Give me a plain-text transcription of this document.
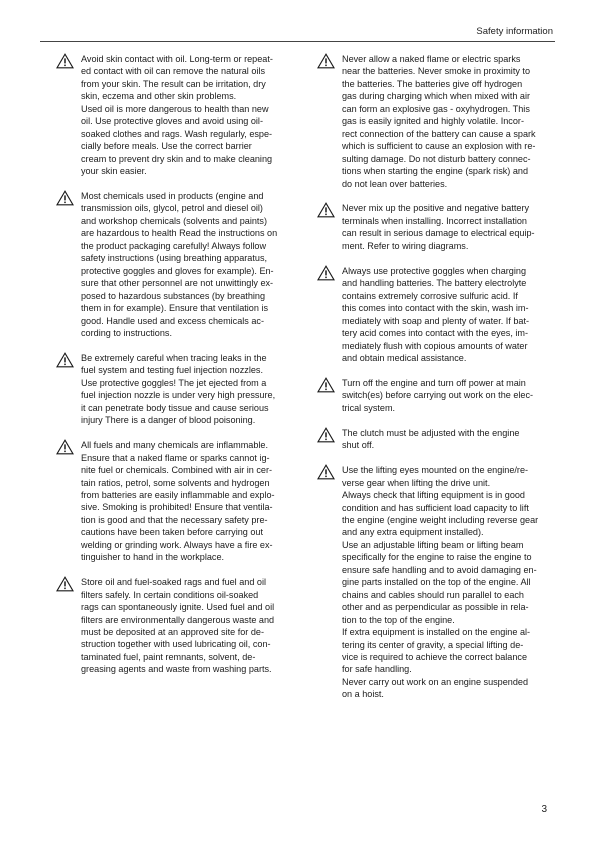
Safety information
Avoid skin contact with oil. Long-term or repeat-
ed contact with oil can remove the natural oils
from your skin. The result can be irritation, dry
skin, eczema and other skin problems.
Used oil is more dangerous to health than new
oil. Use protective gloves and avoid using oil-
soaked clothes and rags. Wash regularly, espe-
cially before meals. Use the correct barrier
cream to prevent dry skin and to make cleaning
your skin easier.
Most chemicals used in products (engine and
transmission oils, glycol, petrol and diesel oil)
and workshop chemicals (solvents and paints)
are hazardous to health Read the instructions on
the product packaging carefully! Always follow
safety instructions (using breathing apparatus,
protective goggles and gloves for example). En-
sure that other personnel are not unwittingly ex-
posed to hazardous substances (by breathing
them in for example). Ensure that ventilation is
good. Handle used and excess chemicals ac-
cording to instructions.
Be extremely careful when tracing leaks in the
fuel system and testing fuel injection nozzles.
Use protective goggles! The jet ejected from a
fuel injection nozzle is under very high pressure,
it can penetrate body tissue and cause serious
injury There is a danger of blood poisoning.
All fuels and many chemicals are inflammable.
Ensure that a naked flame or sparks cannot ig-
nite fuel or chemicals. Combined with air in cer-
tain ratios, petrol, some solvents and hydrogen
from batteries are easily inflammable and explo-
sive. Smoking is prohibited! Ensure that ventila-
tion is good and that the necessary safety pre-
cautions have been taken before carrying out
welding or grinding work. Always have a fire ex-
tinguisher to hand in the workplace.
Store oil and fuel-soaked rags and fuel and oil
filters safely. In certain conditions oil-soaked
rags can spontaneously ignite. Used fuel and oil
filters are environmentally dangerous waste and
must be deposited at an approved site for de-
struction together with used lubricating oil, con-
taminated fuel, paint remnants, solvent, de-
greasing agents and waste from washing parts.
Never allow a naked flame or electric sparks
near the batteries. Never smoke in proximity to
the batteries. The batteries give off hydrogen
gas during charging which when mixed with air
can form an explosive gas - oxyhydrogen. This
gas is easily ignited and highly volatile. Incor-
rect connection of the battery can cause a spark
which is sufficient to cause an explosion with re-
sulting damage. Do not disturb battery connec-
tions when starting the engine (spark risk) and
do not lean over batteries.
Never mix up the positive and negative battery
terminals when installing. Incorrect installation
can result in serious damage to electrical equip-
ment. Refer to wiring diagrams.
Always use protective goggles when charging
and handling batteries. The battery electrolyte
contains extremely corrosive sulfuric acid. If
this comes into contact with the skin, wash im-
mediately with soap and plenty of water. If bat-
tery acid comes into contact with the eyes, im-
mediately flush with copious amounts of water
and obtain medical assistance.
Turn off the engine and turn off power at main
switch(es) before carrying out work on the elec-
trical system.
The clutch must be adjusted with the engine
shut off.
Use the lifting eyes mounted on the engine/re-
verse gear when lifting the drive unit.
Always check that lifting equipment is in good
condition and has sufficient load capacity to lift
the engine (engine weight including reverse gear
and any extra equipment installed).
Use an adjustable lifting beam or lifting beam
specifically for the engine to raise the engine to
ensure safe handling and to avoid damaging en-
gine parts installed on the top of the engine. All
chains and cables should run parallel to each
other and as perpendicular as possible in rela-
tion to the top of the engine.
If extra equipment is installed on the engine al-
tering its center of gravity, a special lifting de-
vice is required to achieve the correct balance
for safe handling.
Never carry out work on an engine suspended
on a hoist.
3
